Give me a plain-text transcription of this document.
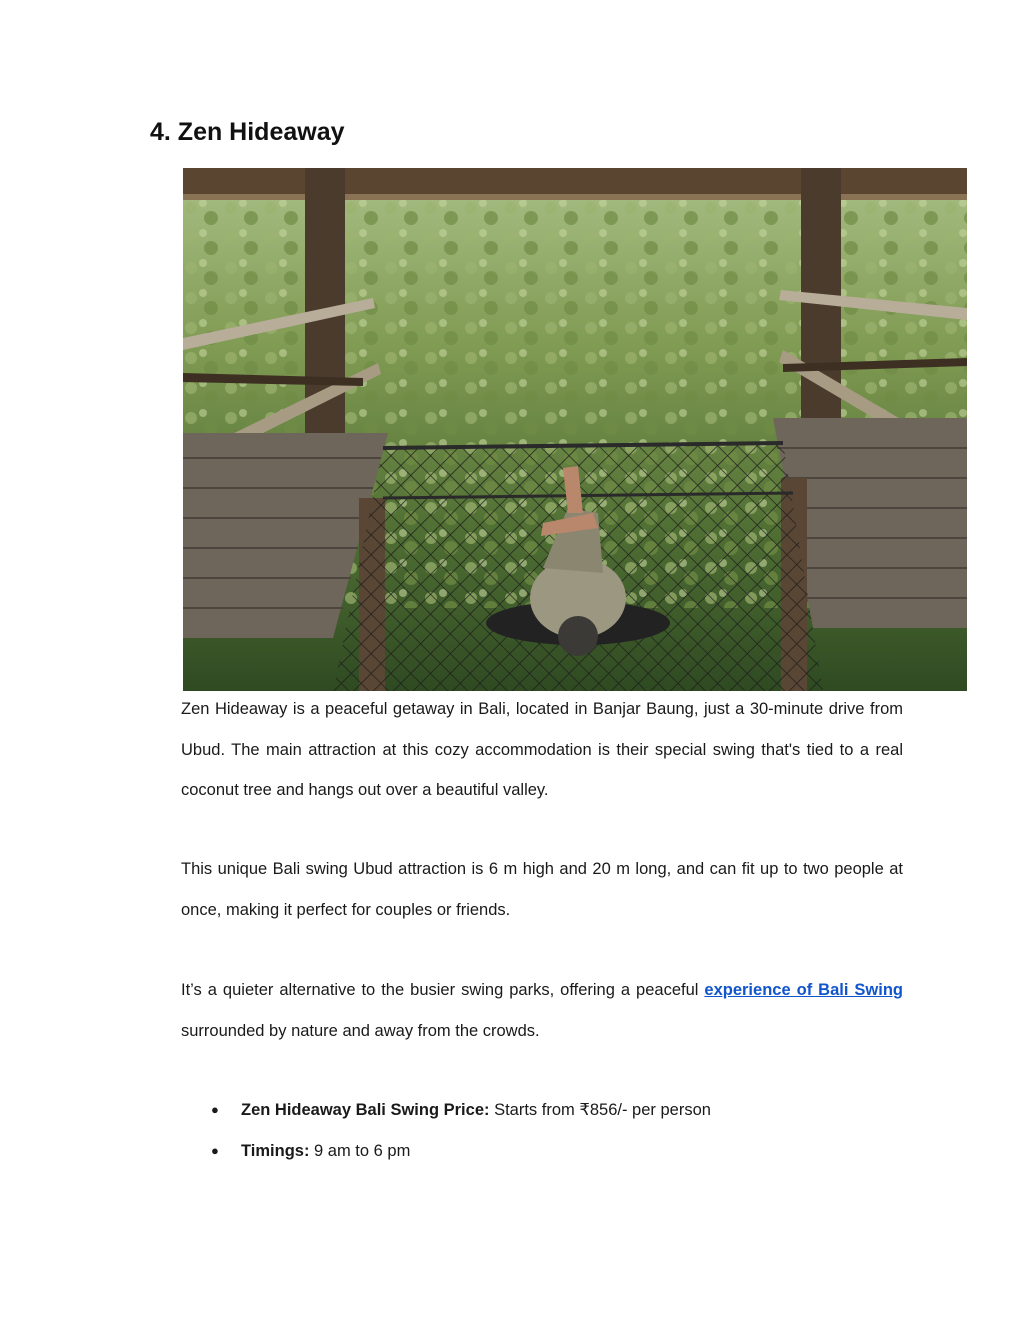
4. Zen Hideaway

Zen Hideaway is a peaceful getaway in Bali, located in Banjar Baung, just a 30-minute drive from Ubud. The main attraction at this cozy accommodation is their special swing that's tied to a real coconut tree and hangs out over a beautiful valley.

This unique Bali swing Ubud attraction is 6 m high and 20 m long, and can fit up to two people at once, making it perfect for couples or friends.

It’s a quieter alternative to the busier swing parks, offering a peaceful experience of Bali Swing surrounded by nature and away from the crowds.

● Zen Hideaway Bali Swing Price: Starts from ₹856/- per person
● Timings: 9 am to 6 pm
